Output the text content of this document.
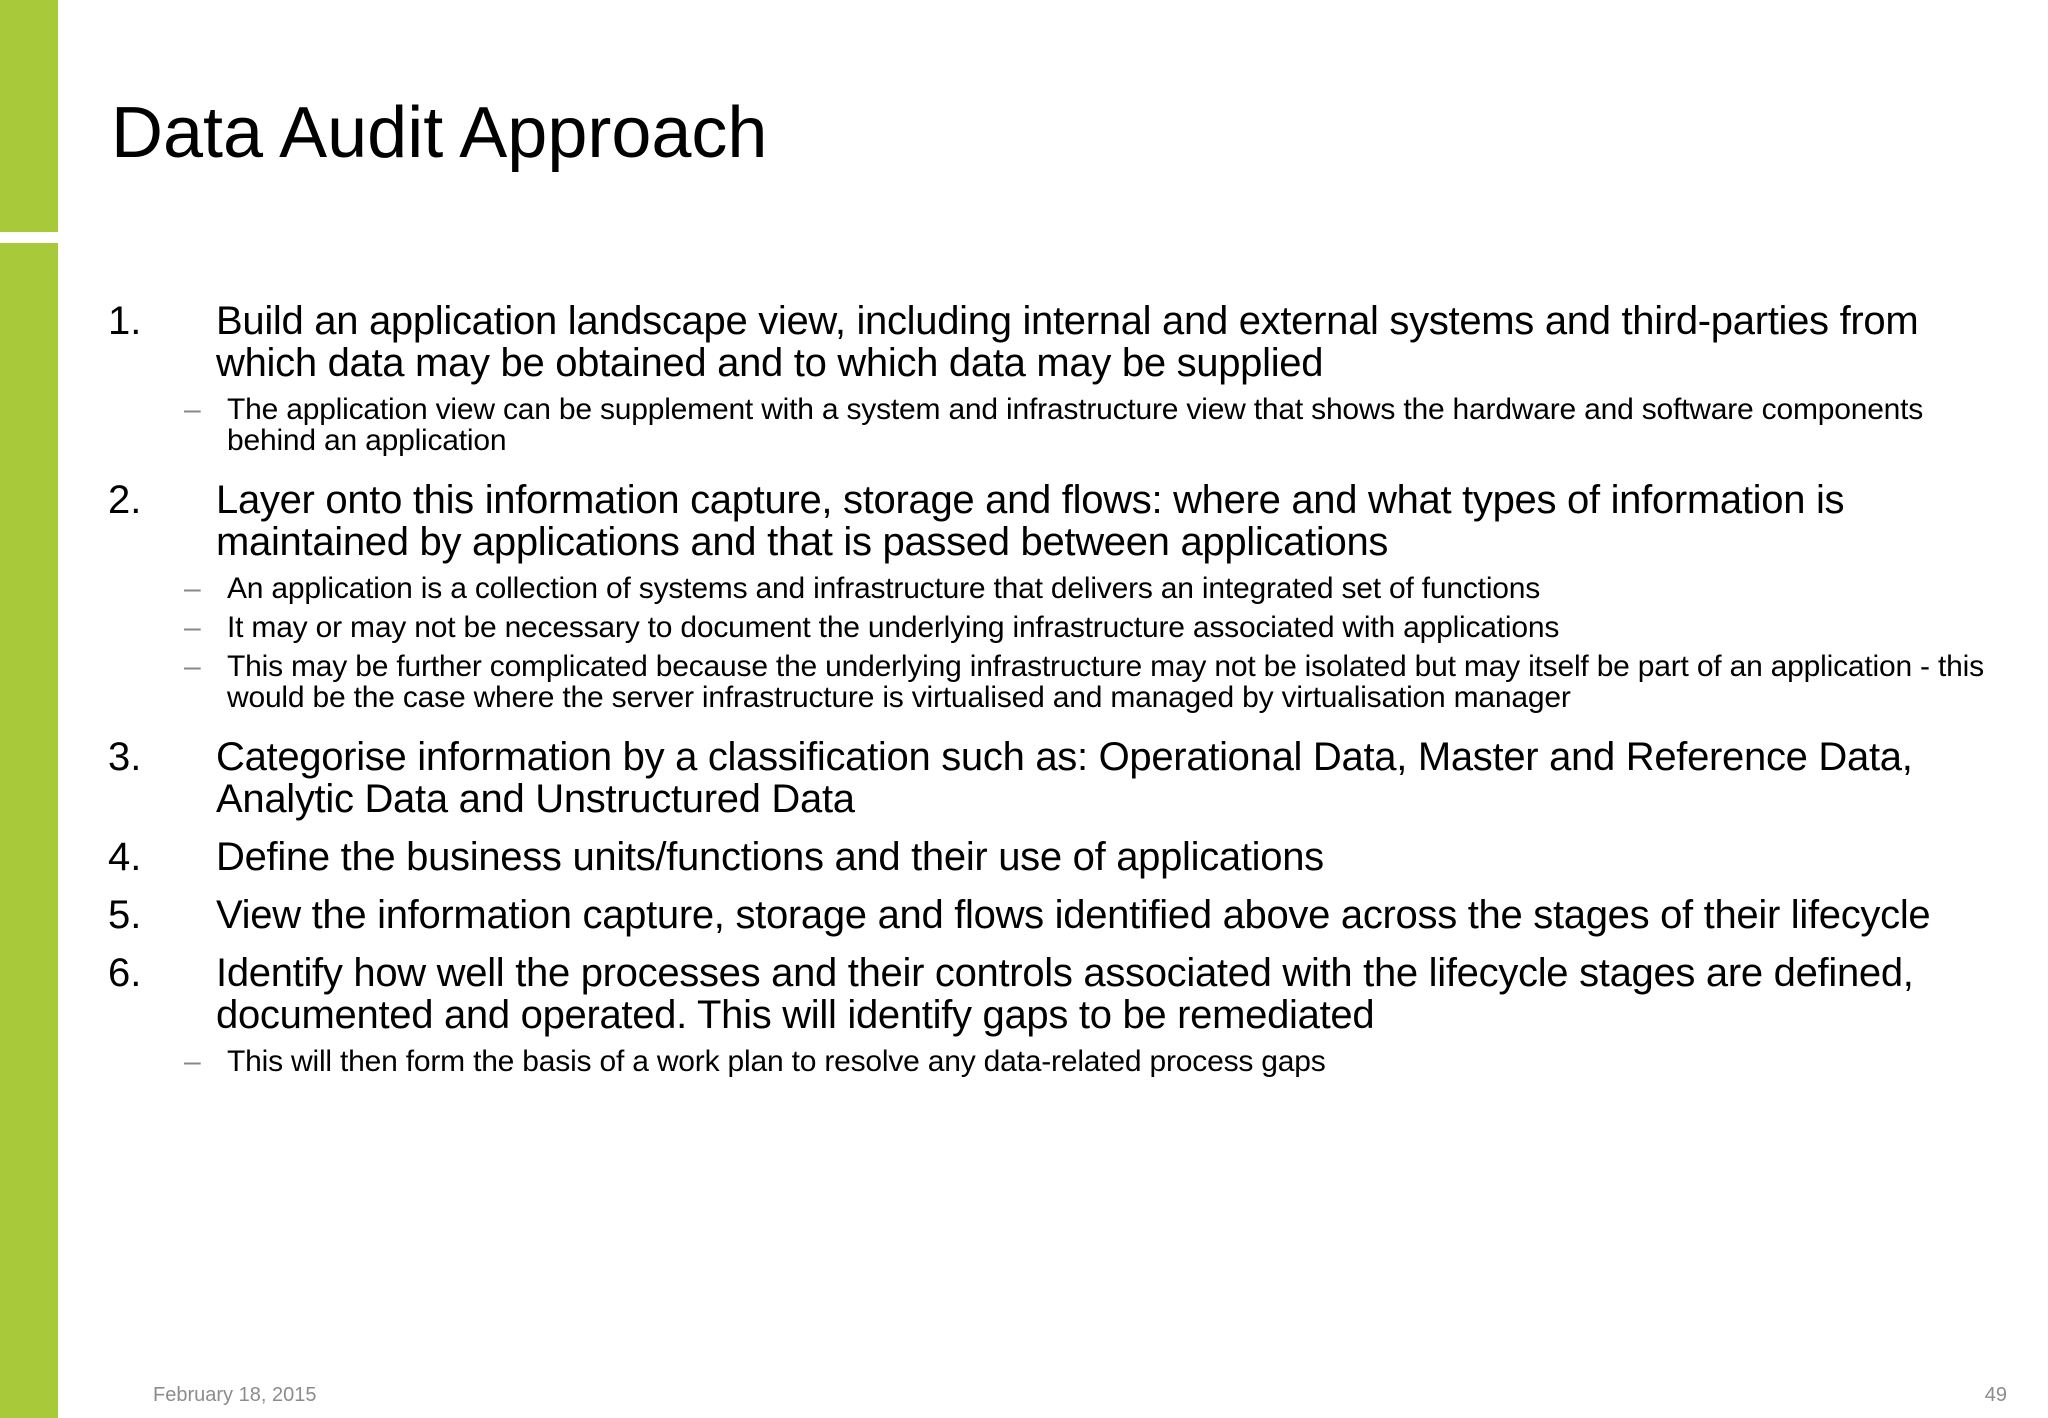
Data Audit Approach
1.	Build an application landscape view, including internal and external systems and third-parties from which data may be obtained and to which data may be supplied
– The application view can be supplement with a system and infrastructure view that shows the hardware and software components behind an application
2.	Layer onto this information capture, storage and flows: where and what types of information is maintained by applications and that is passed between applications
– An application is a collection of systems and infrastructure that delivers an integrated set of functions
– It may or may not be necessary to document the underlying infrastructure associated with applications
– This may be further complicated because the underlying infrastructure may not be isolated but may itself be part of an application - this would be the case where the server infrastructure is virtualised and managed by virtualisation manager
3.	Categorise information by a classification such as: Operational Data, Master and Reference Data, Analytic Data and Unstructured Data
4.	Define the business units/functions and their use of applications
5.	View the information capture, storage and flows identified above across the stages of their lifecycle
6.	Identify how well the processes and their controls associated with the lifecycle stages are defined, documented and operated. This will identify gaps to be remediated
– This will then form the basis of a work plan to resolve any data-related process gaps
February 18, 2015	49
